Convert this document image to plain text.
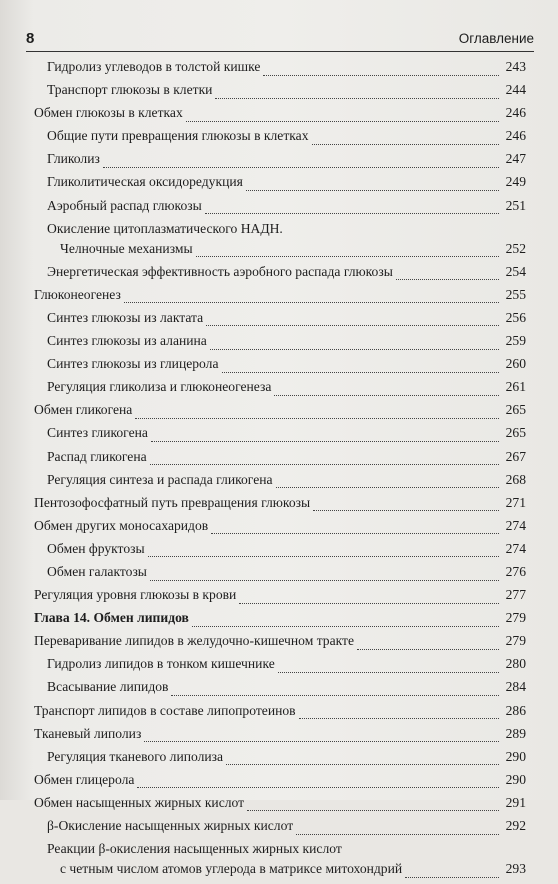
8	Оглавление
Гидролиз углеводов в толстой кишке	243
Транспорт глюкозы в клетки	244
Обмен глюкозы в клетках	246
Общие пути превращения глюкозы в клетках	246
Гликолиз	247
Гликолитическая оксидоредукция	249
Аэробный распад глюкозы	251
Окисление цитоплазматического НАДН.
Челночные механизмы	252
Энергетическая эффективность аэробного распада глюкозы	254
Глюконеогенез	255
Синтез глюкозы из лактата	256
Синтез глюкозы из аланина	259
Синтез глюкозы из глицерола	260
Регуляция гликолиза и глюконеогенеза	261
Обмен гликогена	265
Синтез гликогена	265
Распад гликогена	267
Регуляция синтеза и распада гликогена	268
Пентозофосфатный путь превращения глюкозы	271
Обмен других моносахаридов	274
Обмен фруктозы	274
Обмен галактозы	276
Регуляция уровня глюкозы в крови	277
Глава 14. Обмен липидов	279
Переваривание липидов в желудочно-кишечном тракте	279
Гидролиз липидов в тонком кишечнике	280
Всасывание липидов	284
Транспорт липидов в составе липопротеинов	286
Тканевый липолиз	289
Регуляция тканевого липолиза	290
Обмен глицерола	290
Обмен насыщенных жирных кислот	291
β-Окисление насыщенных жирных кислот	292
Реакции β-окисления насыщенных жирных кислот
с четным числом атомов углерода в матриксе митохондрий	293
